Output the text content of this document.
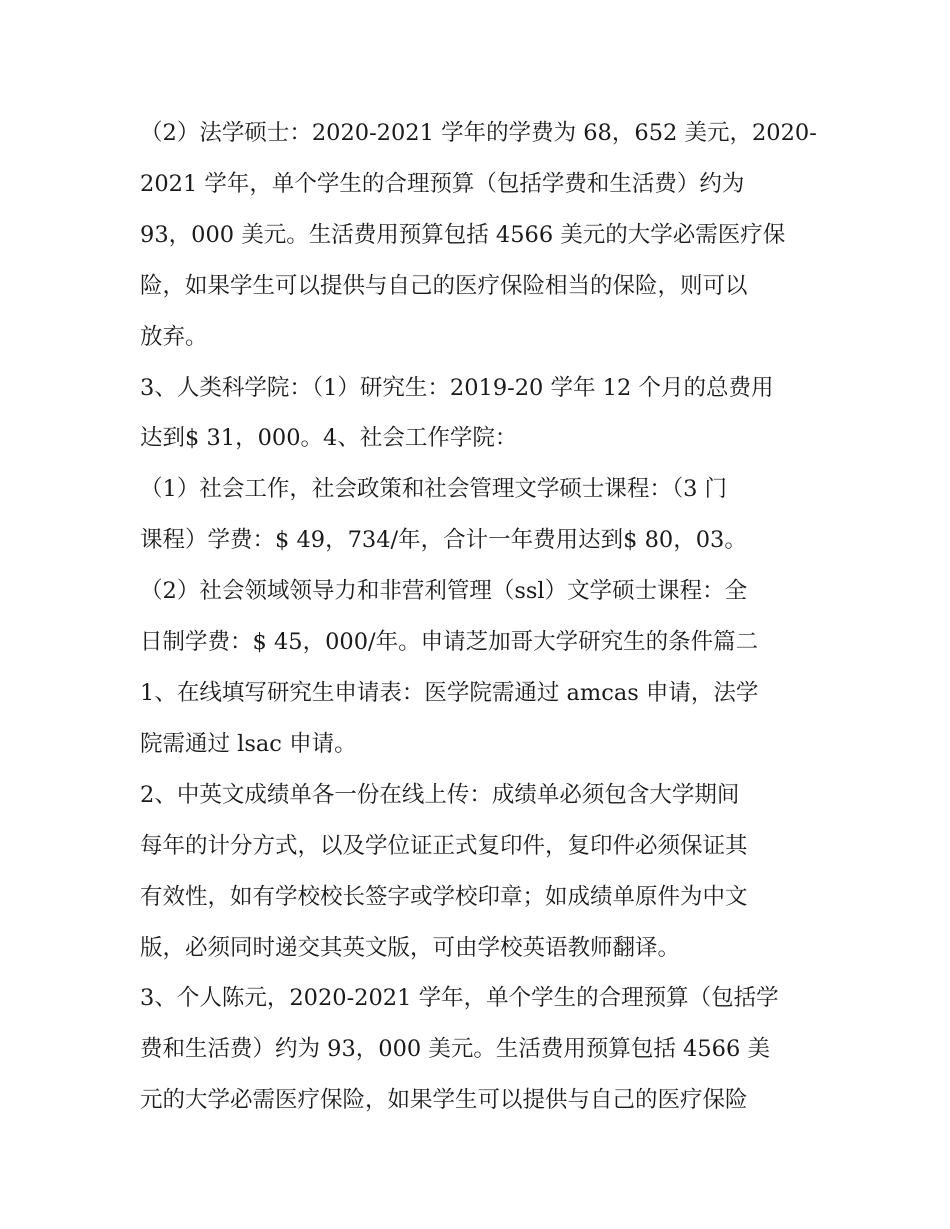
（2）法学硕士：2020-2021 学年的学费为 68，652 美元，2020-
2021 学年，单个学生的合理预算（包括学费和生活费）约为
93，000 美元。生活费用预算包括 4566 美元的大学必需医疗保
险，如果学生可以提供与自己的医疗保险相当的保险，则可以
放弃。
3、人类科学院：（1）研究生：2019-20 学年 12 个月的总费用
达到$ 31，000。4、社会工作学院：
（1）社会工作，社会政策和社会管理文学硕士课程：（3 门
课程）学费：$ 49，734/年，合计一年费用达到$ 80，03。
（2）社会领域领导力和非营利管理（ssl）文学硕士课程：全
日制学费：$ 45，000/年。申请芝加哥大学研究生的条件篇二
1、在线填写研究生申请表：医学院需通过 amcas 申请，法学
院需通过 lsac 申请。
2、中英文成绩单各一份在线上传：成绩单必须包含大学期间
每年的计分方式，以及学位证正式复印件，复印件必须保证其
有效性，如有学校校长签字或学校印章；如成绩单原件为中文
版，必须同时递交其英文版，可由学校英语教师翻译。
3、个人陈元，2020-2021 学年，单个学生的合理预算（包括学
费和生活费）约为 93，000 美元。生活费用预算包括 4566 美
元的大学必需医疗保险，如果学生可以提供与自己的医疗保险
